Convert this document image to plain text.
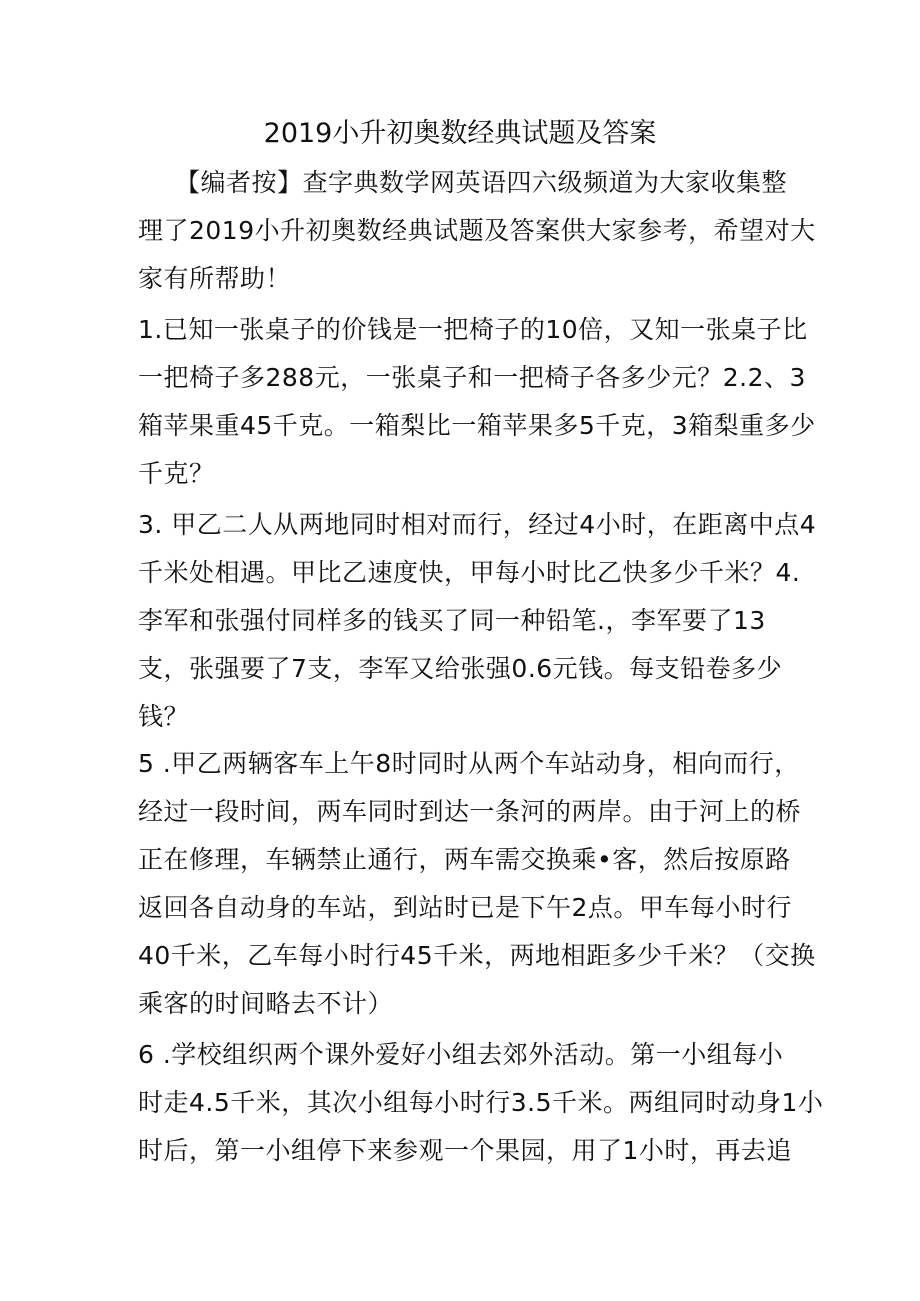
2019小升初奥数经典试题及答案
【编者按】查字典数学网英语四六级频道为大家收集整
理了2019小升初奥数经典试题及答案供大家参考，希望对大
家有所帮助！
1.已知一张桌子的价钱是一把椅子的10倍，又知一张桌子比
一把椅子多288元，一张桌子和一把椅子各多少元？2.2、3
箱苹果重45千克。一箱梨比一箱苹果多5千克，3箱梨重多少
千克？
3. 甲乙二人从两地同时相对而行，经过4小时，在距离中点4
千米处相遇。甲比乙速度快，甲每小时比乙快多少千米？4.
李军和张强付同样多的钱买了同一种铅笔.，李军要了13
支，张强要了7支，李军又给张强0.6元钱。每支铅卷多少
钱？
5 .甲乙两辆客车上午8时同时从两个车站动身，相向而行，
经过一段时间，两车同时到达一条河的两岸。由于河上的桥
正在修理，车辆禁止通行，两车需交换乘•客，然后按原路
返回各自动身的车站，到站时已是下午2点。甲车每小时行
40千米，乙车每小时行45千米，两地相距多少千米？（交换
乘客的时间略去不计）
6 .学校组织两个课外爱好小组去郊外活动。第一小组每小
时走4.5千米，其次小组每小时行3.5千米。两组同时动身1小
时后，第一小组停下来参观一个果园，用了1小时，再去追
